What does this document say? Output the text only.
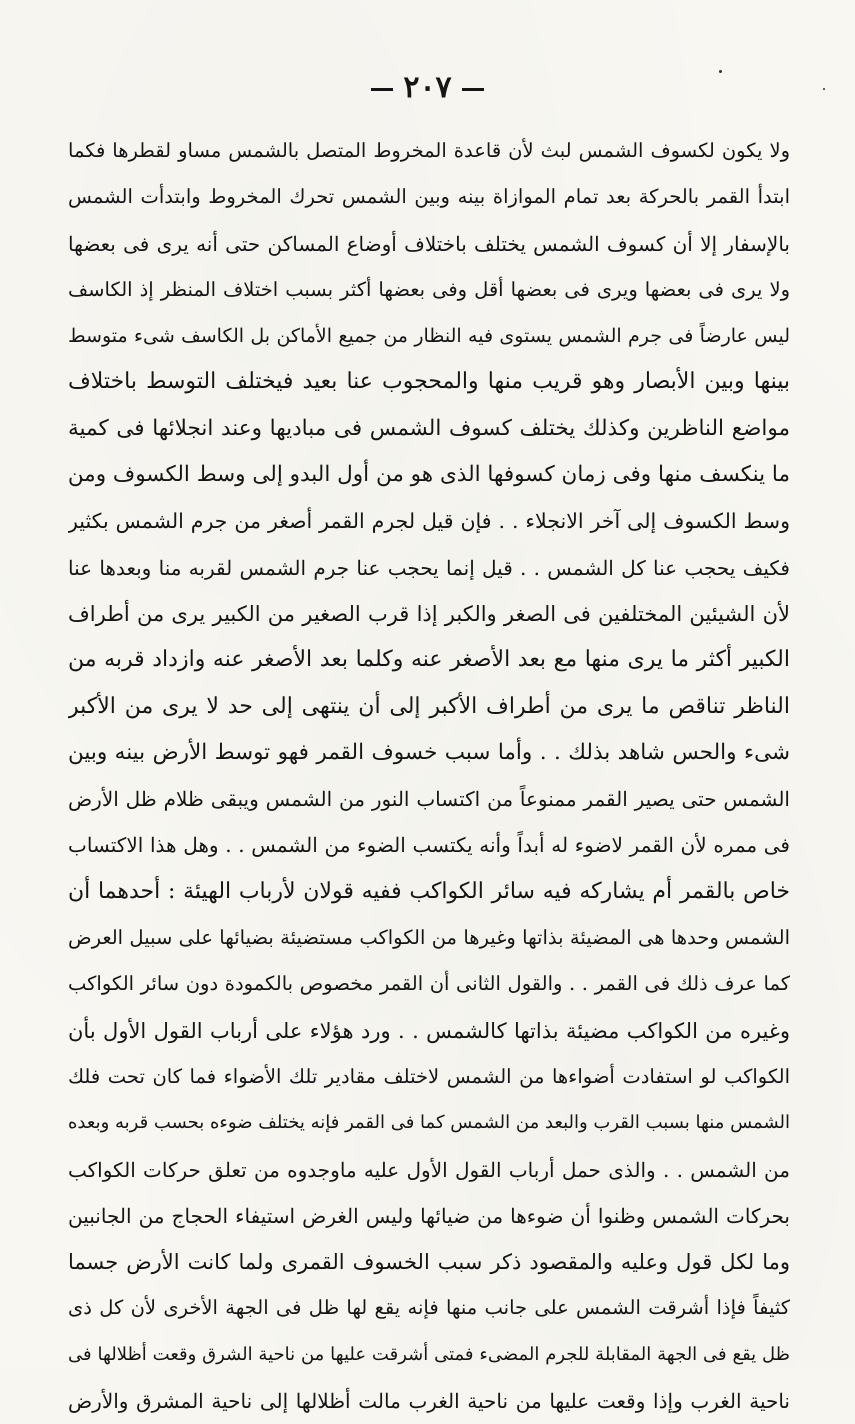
٢٠٧
ولا يكون لكسوف الشمس لبث لأن قاعدة المخروط المتصل بالشمس مساو لقطرها فكما
ابتدأ القمر بالحركة بعد تمام الموازاة بينه وبين الشمس تحرك المخروط وابتدأت الشمس
بالإسفار إلا أن كسوف الشمس يختلف باختلاف أوضاع المساكن حتى أنه يرى فى بعضها
ولا يرى فى بعضها ويرى فى بعضها أقل وفى بعضها أكثر بسبب اختلاف المنظر إذ الكاسف
ليس عارضاً فى جرم الشمس يستوى فيه النظار من جميع الأماكن بل الكاسف شىء متوسط
بينها وبين الأبصار وهو قريب منها والمحجوب عنا بعيد فيختلف التوسط باختلاف
مواضع الناظرين وكذلك يختلف كسوف الشمس فى مباديها وعند انجلائها فى كمية
ما ينكسف منها وفى زمان كسوفها الذى هو من أول البدو إلى وسط الكسوف ومن
وسط الكسوف إلى آخر الانجلاء . . فإن قيل لجرم القمر أصغر من جرم الشمس بكثير
فكيف يحجب عنا كل الشمس . . قيل إنما يحجب عنا جرم الشمس لقربه منا وبعدها عنا
لأن الشيئين المختلفين فى الصغر والكبر إذا قرب الصغير من الكبير يرى من أطراف
الكبير أكثر ما يرى منها مع بعد الأصغر عنه وكلما بعد الأصغر عنه وازداد قربه من
الناظر تناقص ما يرى من أطراف الأكبر إلى أن ينتهى إلى حد لا يرى من الأكبر
شىء والحس شاهد بذلك . . وأما سبب خسوف القمر فهو توسط الأرض بينه وبين
الشمس حتى يصير القمر ممنوعاً من اكتساب النور من الشمس ويبقى ظلام ظل الأرض
فى ممره لأن القمر لاضوء له أبداً وأنه يكتسب الضوء من الشمس . . وهل هذا الاكتساب
خاص بالقمر أم يشاركه فيه سائر الكواكب ففيه قولان لأرباب الهيئة : أحدهما أن
الشمس وحدها هى المضيئة بذاتها وغيرها من الكواكب مستضيئة بضيائها على سبيل العرض
كما عرف ذلك فى القمر . . والقول الثانى أن القمر مخصوص بالكمودة دون سائر الكواكب
وغيره من الكواكب مضيئة بذاتها كالشمس . . ورد هؤلاء على أرباب القول الأول بأن
الكواكب لو استفادت أضواءها من الشمس لاختلف مقادير تلك الأضواء فما كان تحت فلك
الشمس منها بسبب القرب والبعد من الشمس كما فى القمر فإنه يختلف ضوءه بحسب قربه وبعده
من الشمس . . والذى حمل أرباب القول الأول عليه ماوجدوه من تعلق حركات الكواكب
بحركات الشمس وظنوا أن ضوءها من ضيائها وليس الغرض استيفاء الحجاج من الجانبين
وما لكل قول وعليه والمقصود ذكر سبب الخسوف القمرى ولما كانت الأرض جسما
كثيفاً فإذا أشرقت الشمس على جانب منها فإنه يقع لها ظل فى الجهة الأخرى لأن كل ذى
ظل يقع فى الجهة المقابلة للجرم المضىء فمتى أشرقت عليها من ناحية الشرق وقعت أظلالها فى
ناحية الغرب وإذا وقعت عليها من ناحية الغرب مالت أظلالها إلى ناحية المشرق والأرض
